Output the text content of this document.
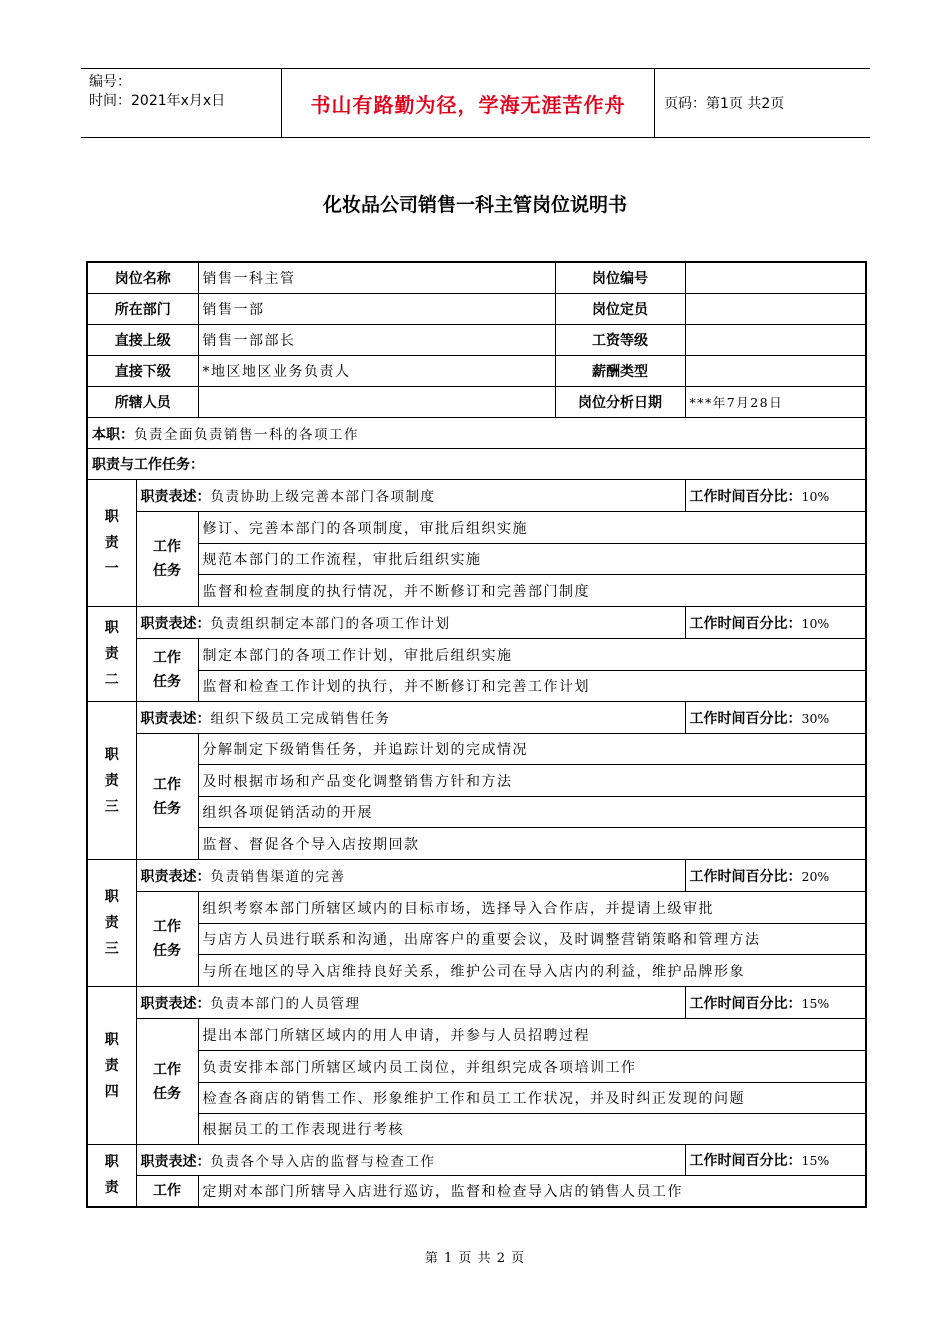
编号：
时间：2021年x月x日	书山有路勤为径，学海无涯苦作舟	页码：第1页 共2页
化妆品公司销售一科主管岗位说明书
岗位名称		销售一科主管	岗位编号	
所在部门		销售一部	岗位定员	
直接上级		销售一部部长	工资等级	
直接下级		*地区地区业务负责人	薪酬类型	
所辖人员			岗位分析日期	***年7月28日
本职：负责全面负责销售一科的各项工作				
职责与工作任务：				

职责一	职责表述：负责协助上级完善本部门各项制度			工作时间百分比：10%
	工作任务	修订、完善本部门的各项制度，审批后组织实施		
		规范本部门的工作流程，审批后组织实施		
		监督和检查制度的执行情况，并不断修订和完善部门制度		

职责二	职责表述：负责组织制定本部门的各项工作计划			工作时间百分比：10%
	工作任务	制定本部门的各项工作计划，审批后组织实施		
		监督和检查工作计划的执行，并不断修订和完善工作计划		

职责三	职责表述：组织下级员工完成销售任务			工作时间百分比：30%
	工作任务	分解制定下级销售任务，并追踪计划的完成情况		
		及时根据市场和产品变化调整销售方针和方法		
		组织各项促销活动的开展		
		监督、督促各个导入店按期回款		

职责三	职责表述：负责销售渠道的完善			工作时间百分比：20%
	工作任务	组织考察本部门所辖区域内的目标市场，选择导入合作店，并提请上级审批		
		与店方人员进行联系和沟通，出席客户的重要会议，及时调整营销策略和管理方法		
		与所在地区的导入店维持良好关系，维护公司在导入店内的利益，维护品牌形象		

职责四	职责表述：负责本部门的人员管理			工作时间百分比：15%
	工作任务	提出本部门所辖区域内的用人申请，并参与人员招聘过程		
		负责安排本部门所辖区域内员工岗位，并组织完成各项培训工作		
		检查各商店的销售工作、形象维护工作和员工工作状况，并及时纠正发现的问题		
		根据员工的工作表现进行考核		

职责	职责表述：负责各个导入店的监督与检查工作			工作时间百分比：15%
	工作	定期对本部门所辖导入店进行巡访，监督和检查导入店的销售人员工作		
第 1 页 共 2 页
